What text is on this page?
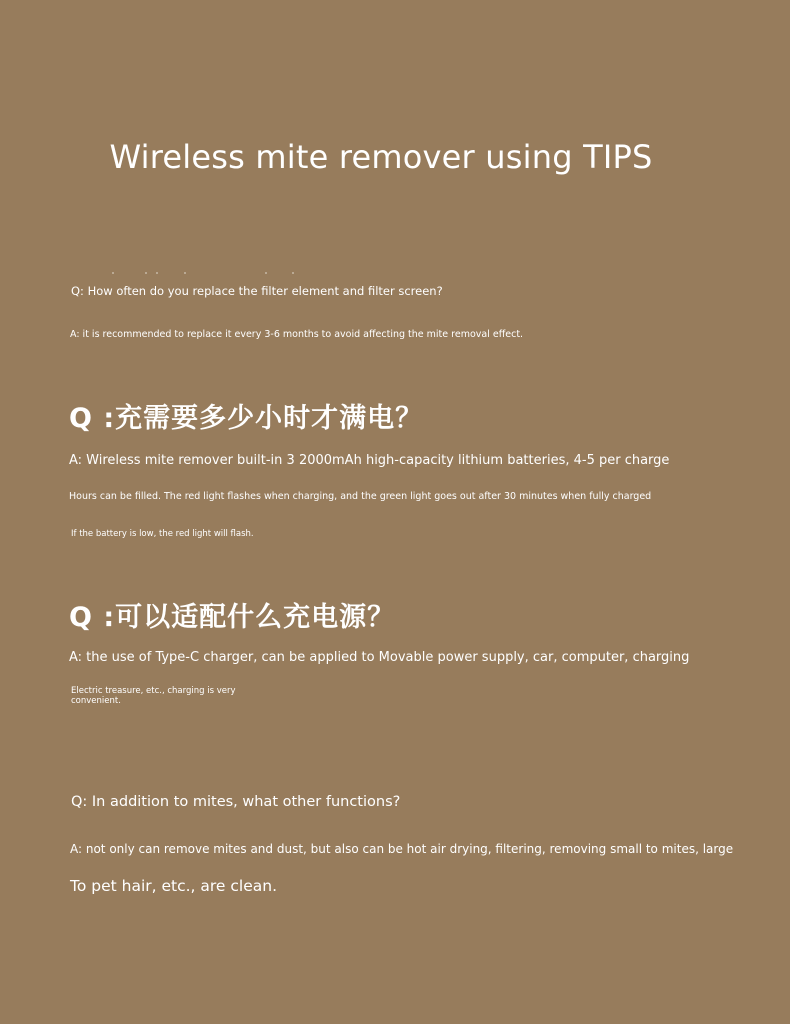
Wireless mite remover using TIPS
Q: How often do you replace the filter element and filter screen?
A: it is recommended to replace it every 3-6 months to avoid affecting the mite removal effect.
Q :充需要多少小时才满电？
A: Wireless mite remover built-in 3 2000mAh high-capacity lithium batteries, 4-5 per charge
Hours can be filled. The red light flashes when charging, and the green light goes out after 30 minutes when fully charged
If the battery is low, the red light will flash.
Q :可以适配什么充电源？
A: the use of Type-C charger, can be applied to Movable power supply, car, computer, charging
Electric treasure, etc., charging is very convenient.
Q: In addition to mites, what other functions?
A: not only can remove mites and dust, but also can be hot air drying, filtering, removing small to mites, large
To pet hair, etc., are clean.
